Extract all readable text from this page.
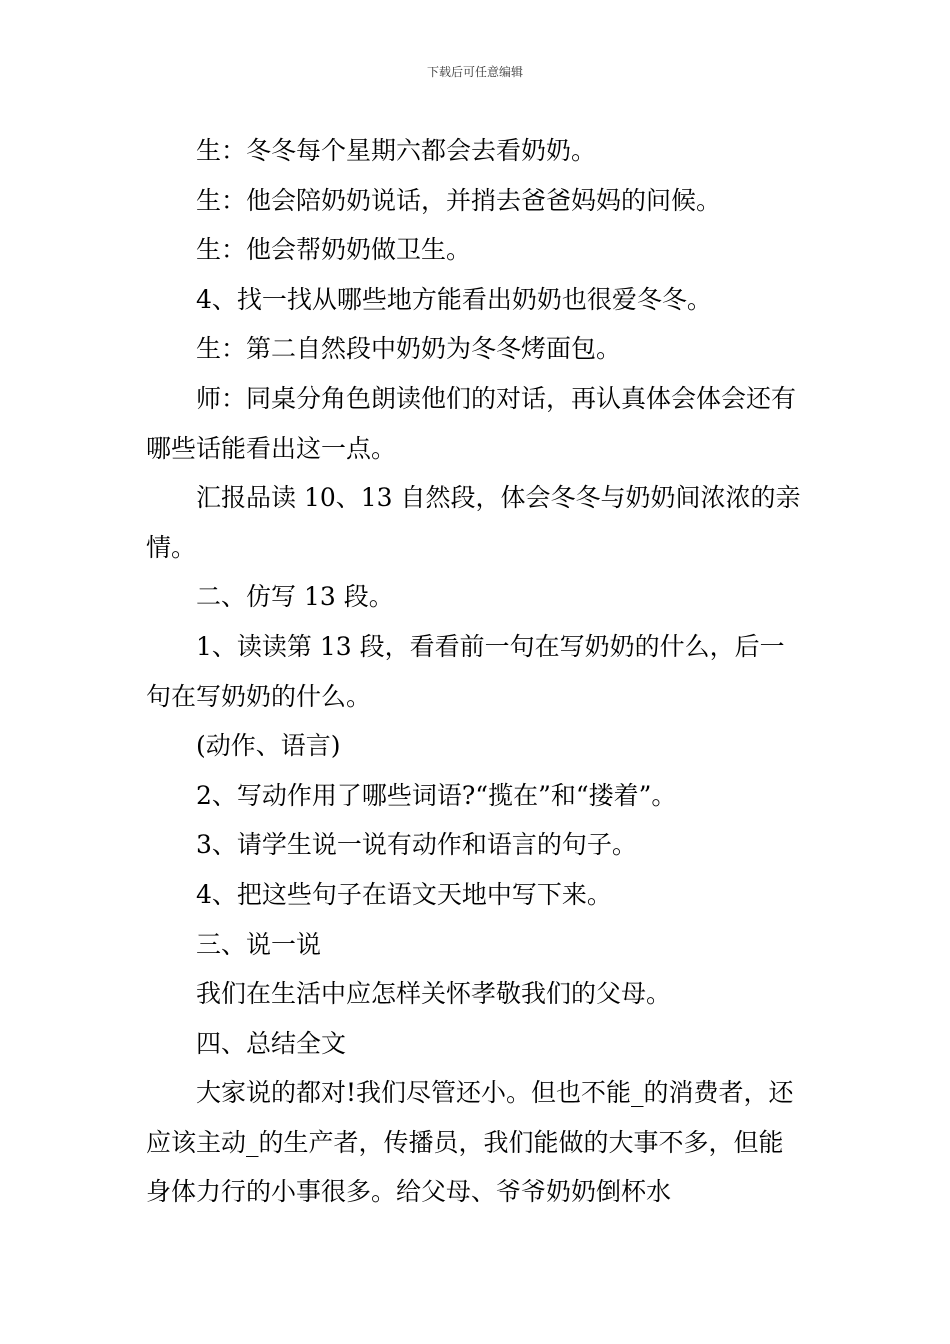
下载后可任意编辑

生：冬冬每个星期六都会去看奶奶。

生：他会陪奶奶说话，并捎去爸爸妈妈的问候。

生：他会帮奶奶做卫生。

4、找一找从哪些地方能看出奶奶也很爱冬冬。

生：第二自然段中奶奶为冬冬烤面包。

师：同桌分角色朗读他们的对话，再认真体会体会还有哪些话能看出这一点。

汇报品读 10、13 自然段，体会冬冬与奶奶间浓浓的亲情。

二、仿写 13 段。

1、读读第 13 段，看看前一句在写奶奶的什么，后一句在写奶奶的什么。

(动作、语言)

2、写动作用了哪些词语?“揽在”和“搂着”。

3、请学生说一说有动作和语言的句子。

4、把这些句子在语文天地中写下来。

三、说一说

我们在生活中应怎样关怀孝敬我们的父母。

四、总结全文

大家说的都对!我们尽管还小。但也不能_的消费者，还应该主动_的生产者，传播员，我们能做的大事不多，但能身体力行的小事很多。给父母、爷爷奶奶倒杯水
